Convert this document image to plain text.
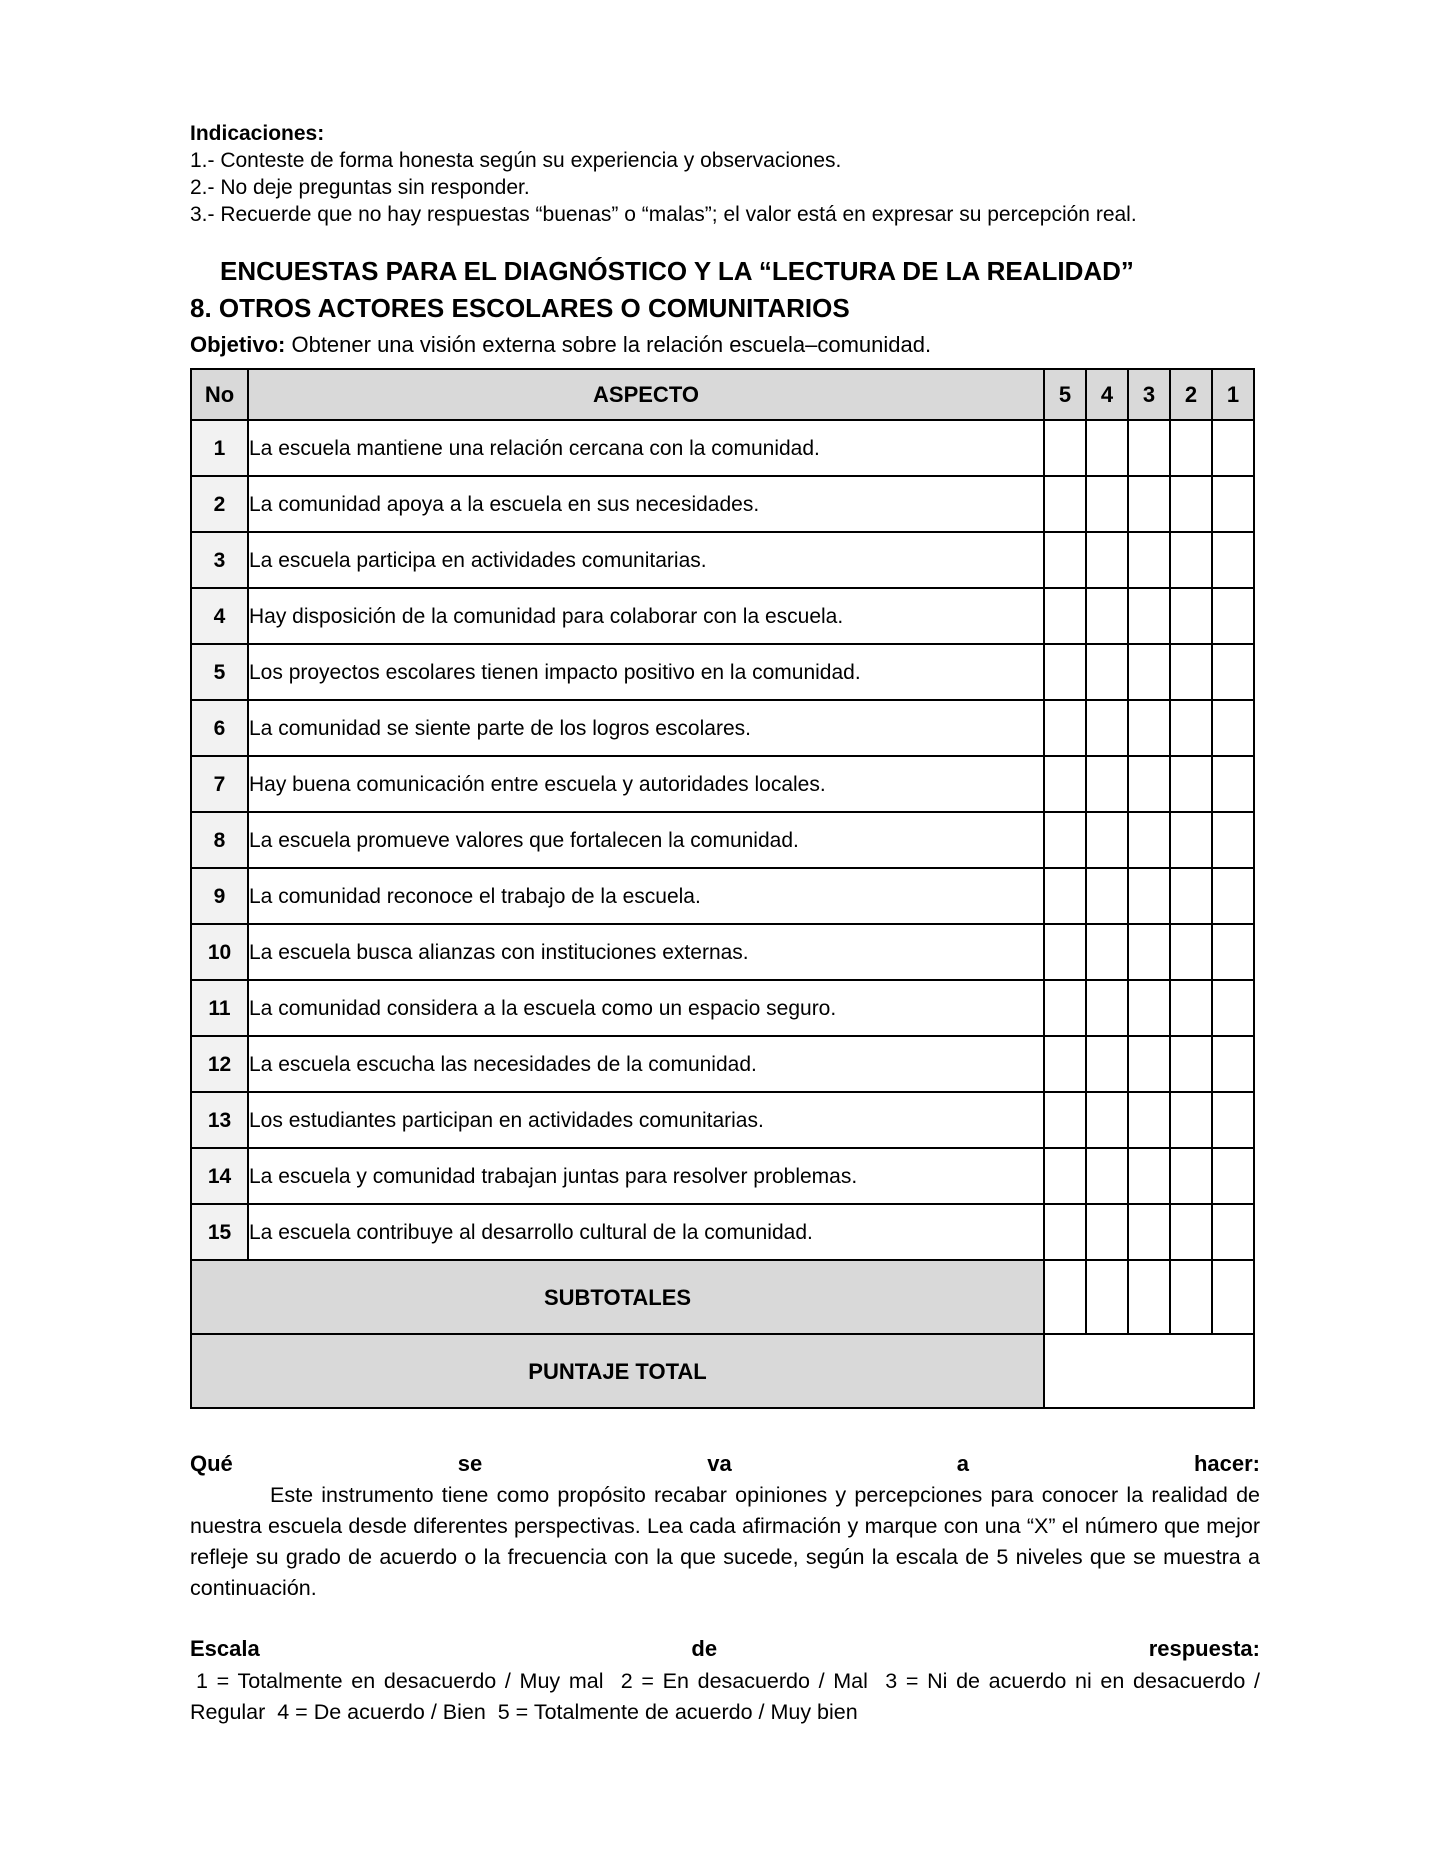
Indicaciones:

1.- Conteste de forma honesta según su experiencia y observaciones.

2.- No deje preguntas sin responder.

3.- Recuerde que no hay respuestas “buenas” o “malas”; el valor está en expresar su percepción real.

ENCUESTAS PARA EL DIAGNÓSTICO Y LA “LECTURA DE LA REALIDAD”
8. OTROS ACTORES ESCOLARES O COMUNITARIOS

Objetivo: Obtener una visión externa sobre la relación escuela–comunidad.

No	ASPECTO	5	4	3	2	1
1	La escuela mantiene una relación cercana con la comunidad.					
2	La comunidad apoya a la escuela en sus necesidades.					
3	La escuela participa en actividades comunitarias.					
4	Hay disposición de la comunidad para colaborar con la escuela.					
5	Los proyectos escolares tienen impacto positivo en la comunidad.					
6	La comunidad se siente parte de los logros escolares.					
7	Hay buena comunicación entre escuela y autoridades locales.					
8	La escuela promueve valores que fortalecen la comunidad.					
9	La comunidad reconoce el trabajo de la escuela.					
10	La escuela busca alianzas con instituciones externas.					
11	La comunidad considera a la escuela como un espacio seguro.					
12	La escuela escucha las necesidades de la comunidad.					
13	Los estudiantes participan en actividades comunitarias.					
14	La escuela y comunidad trabajan juntas para resolver problemas.					
15	La escuela contribuye al desarrollo cultural de la comunidad.					
SUBTOTALES						
PUNTAJE TOTAL						
Qué	se	va	a	hacer:

Este instrumento tiene como propósito recabar opiniones y percepciones para conocer la realidad de nuestra escuela desde diferentes perspectivas. Lea cada afirmación y marque con una “X” el número que mejor refleje su grado de acuerdo o la frecuencia con la que sucede, según la escala de 5 niveles que se muestra a continuación.

Escala	de	respuesta:

1 = Totalmente en desacuerdo / Muy mal  2 = En desacuerdo / Mal  3 = Ni de acuerdo ni en desacuerdo / Regular  4 = De acuerdo / Bien  5 = Totalmente de acuerdo / Muy bien
